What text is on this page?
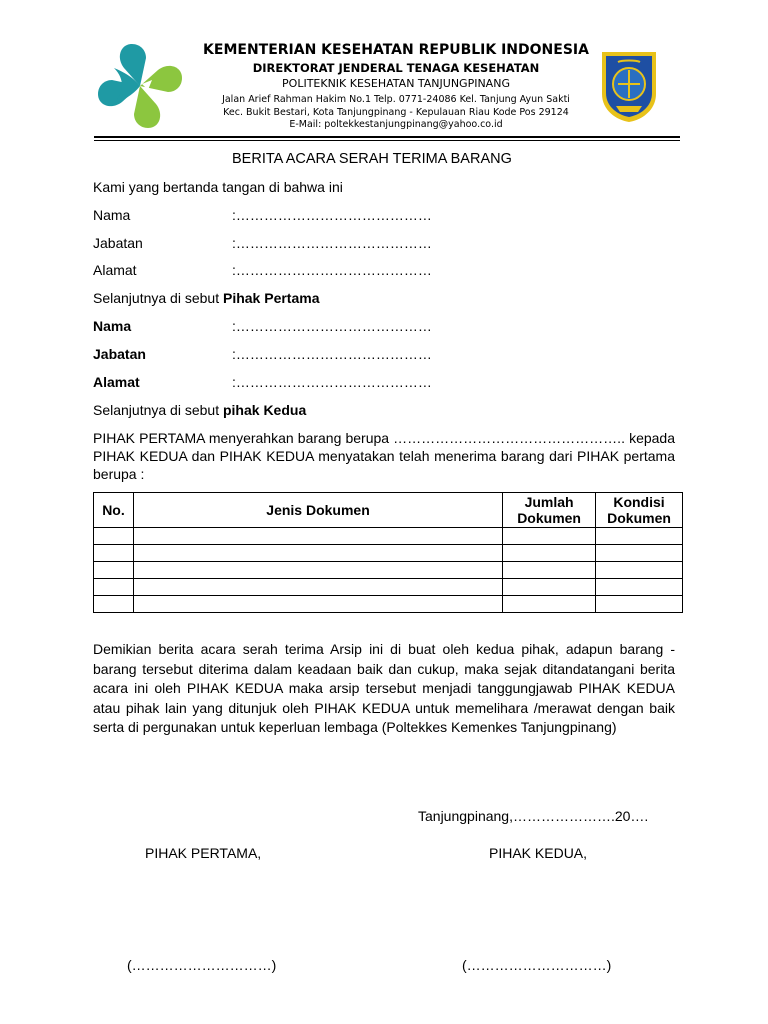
KEMENTERIAN KESEHATAN REPUBLIK INDONESIA
DIREKTORAT JENDERAL TENAGA KESEHATAN
POLITEKNIK KESEHATAN TANJUNGPINANG
Jalan Arief Rahman Hakim No.1 Telp. 0771-24086 Kel. Tanjung Ayun Sakti
Kec. Bukit Bestari, Kota Tanjungpinang - Kepulauan Riau Kode Pos 29124
E-Mail: poltekkestanjungpinang@yahoo.co.id
BERITA ACARA SERAH TERIMA BARANG
Kami yang bertanda tangan di bahwa ini
Nama	:……………………………………
Jabatan	:……………………………………
Alamat	:……………………………………
Selanjutnya di sebut Pihak Pertama
Nama	:……………………………………
Jabatan	:……………………………………
Alamat	:……………………………………
Selanjutnya di sebut pihak Kedua
PIHAK PERTAMA menyerahkan barang berupa ………………………………………….. kepada PIHAK KEDUA dan PIHAK KEDUA menyatakan telah menerima barang dari PIHAK pertama berupa :
No.	Jenis Dokumen	Jumlah Dokumen	Kondisi Dokumen

Demikian berita acara serah terima Arsip ini di buat oleh kedua pihak, adapun barang - barang tersebut diterima dalam keadaan baik dan cukup, maka sejak ditandatangani berita acara ini oleh PIHAK KEDUA maka arsip tersebut menjadi tanggungjawab PIHAK KEDUA atau pihak lain yang ditunjuk oleh PIHAK KEDUA untuk memelihara /merawat dengan baik serta di pergunakan untuk keperluan lembaga (Poltekkes Kemenkes Tanjungpinang)
Tanjungpinang,………………….20….
PIHAK PERTAMA,	PIHAK KEDUA,
(…………………………)	(…………………………)
